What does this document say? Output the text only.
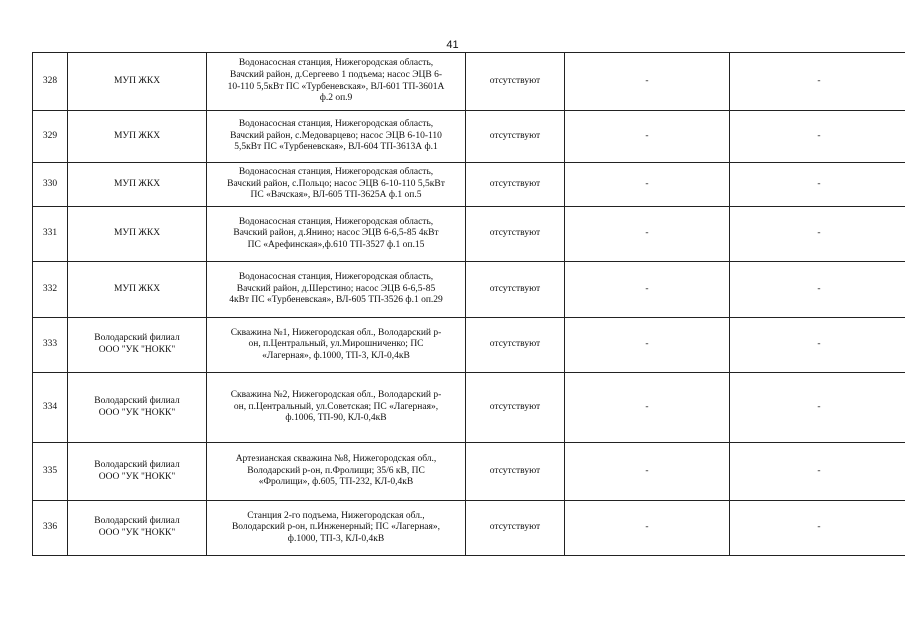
41
328	МУП ЖКХ	Водонасосная станция, Нижегородская область,
Вачский район, д.Сергеево 1 подъема; насос ЭЦВ 6-
10-110 5,5кВт ПС «Турбеневская», ВЛ-601 ТП-3601А
ф.2 оп.9	отсутствуют	-	-
329	МУП ЖКХ	Водонасосная станция, Нижегородская область,
Вачский район, с.Медоварцево; насос ЭЦВ 6-10-110
5,5кВт ПС «Турбеневская», ВЛ-604 ТП-3613А ф.1	отсутствуют	-	-
330	МУП ЖКХ	Водонасосная станция, Нижегородская область,
Вачский район, с.Польцо; насос ЭЦВ 6-10-110 5,5кВт
ПС «Вачская», ВЛ-605 ТП-3625А ф.1 оп.5	отсутствуют	-	-
331	МУП ЖКХ	Водонасосная станция, Нижегородская область,
Вачский район, д.Янино; насос ЭЦВ 6-6,5-85 4кВт
ПС «Арефинская»,ф.610 ТП-3527 ф.1 оп.15	отсутствуют	-	-
332	МУП ЖКХ	Водонасосная станция, Нижегородская область,
Вачский район, д.Шерстино; насос ЭЦВ 6-6,5-85
4кВт ПС «Турбеневская», ВЛ-605 ТП-3526 ф.1 оп.29	отсутствуют	-	-
333	Володарский филиал
ООО "УК "НОКК"	Скважина №1, Нижегородская обл., Володарский р-
он, п.Центральный, ул.Мирошниченко; ПС
«Лагерная», ф.1000, ТП-3, КЛ-0,4кВ	отсутствуют	-	-
334	Володарский филиал
ООО "УК "НОКК"	Скважина №2, Нижегородская обл., Володарский р-
он, п.Центральный, ул.Советская; ПС «Лагерная»,
ф.1006, ТП-90, КЛ-0,4кВ	отсутствуют	-	-
335	Володарский филиал
ООО "УК "НОКК"	Артезианская скважина №8, Нижегородская обл.,
Володарский р-он, п.Фролищи; 35/6 кВ, ПС
«Фролищи», ф.605, ТП-232, КЛ-0,4кВ	отсутствуют	-	-
336	Володарский филиал
ООО "УК "НОКК"	Станция 2-го подъема, Нижегородская обл.,
Володарский р-он, п.Инженерный; ПС «Лагерная»,
ф.1000, ТП-3, КЛ-0,4кВ	отсутствуют	-	-
